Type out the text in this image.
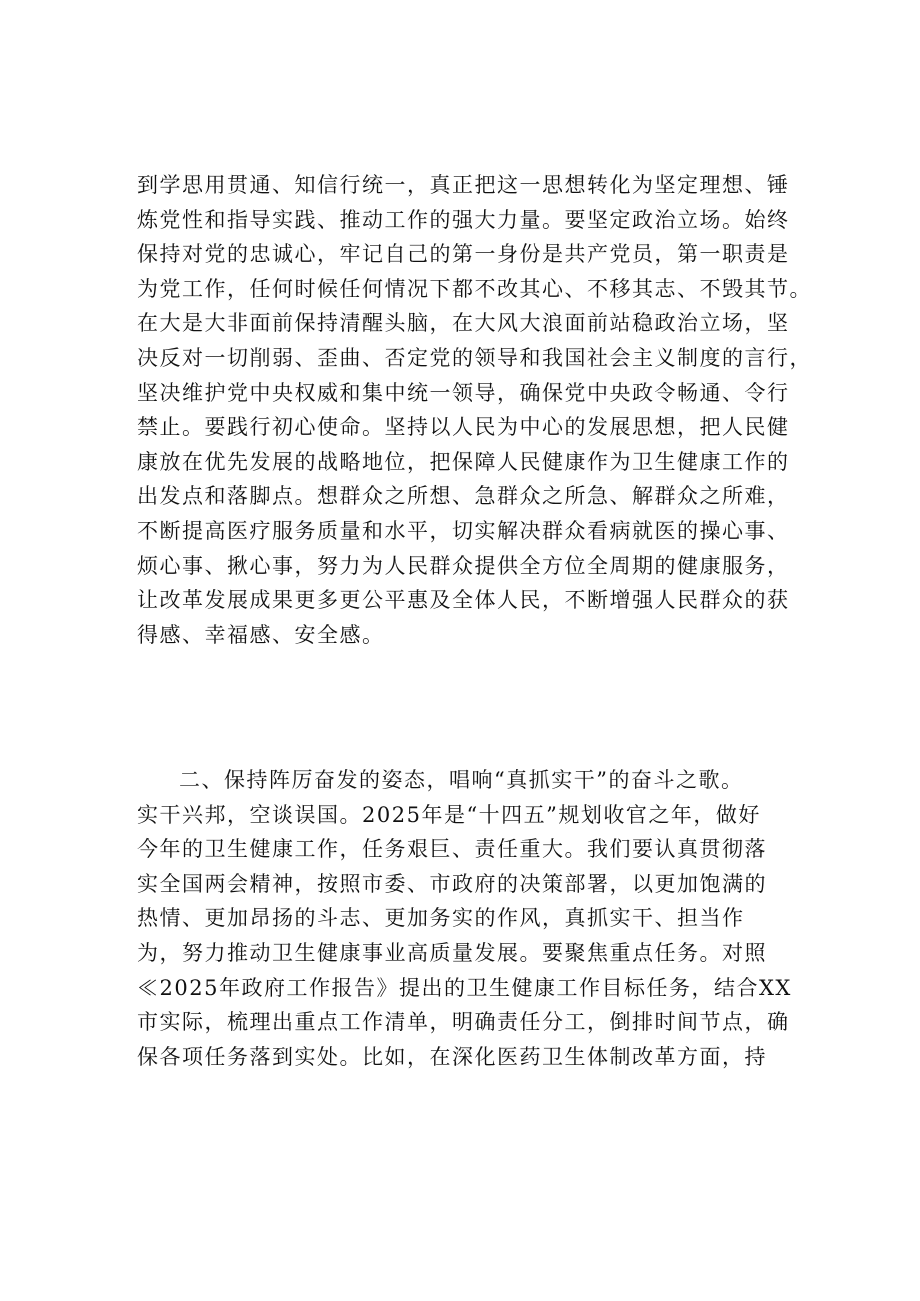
到学思用贯通、知信行统一，真正把这一思想转化为坚定理想、锤
炼党性和指导实践、推动工作的强大力量。要坚定政治立场。始终
保持对党的忠诚心，牢记自己的第一身份是共产党员，第一职责是
为党工作，任何时候任何情况下都不改其心、不移其志、不毁其节。
在大是大非面前保持清醒头脑，在大风大浪面前站稳政治立场，坚
决反对一切削弱、歪曲、否定党的领导和我国社会主义制度的言行，
坚决维护党中央权威和集中统一领导，确保党中央政令畅通、令行
禁止。要践行初心使命。坚持以人民为中心的发展思想，把人民健
康放在优先发展的战略地位，把保障人民健康作为卫生健康工作的
出发点和落脚点。想群众之所想、急群众之所急、解群众之所难，
不断提高医疗服务质量和水平，切实解决群众看病就医的操心事、
烦心事、揪心事，努力为人民群众提供全方位全周期的健康服务，
让改革发展成果更多更公平惠及全体人民，不断增强人民群众的获
得感、幸福感、安全感。
二、保持阵厉奋发的姿态，唱响“真抓实干”的奋斗之歌。
实干兴邦，空谈误国。2025年是“十四五”规划收官之年，做好
今年的卫生健康工作，任务艰巨、责任重大。我们要认真贯彻落
实全国两会精神，按照市委、市政府的决策部署，以更加饱满的
热情、更加昂扬的斗志、更加务实的作风，真抓实干、担当作
为，努力推动卫生健康事业高质量发展。要聚焦重点任务。对照
≪2025年政府工作报告》提出的卫生健康工作目标任务，结合XX
市实际，梳理出重点工作清单，明确责任分工，倒排时间节点，确
保各项任务落到实处。比如，在深化医药卫生体制改革方面，持
